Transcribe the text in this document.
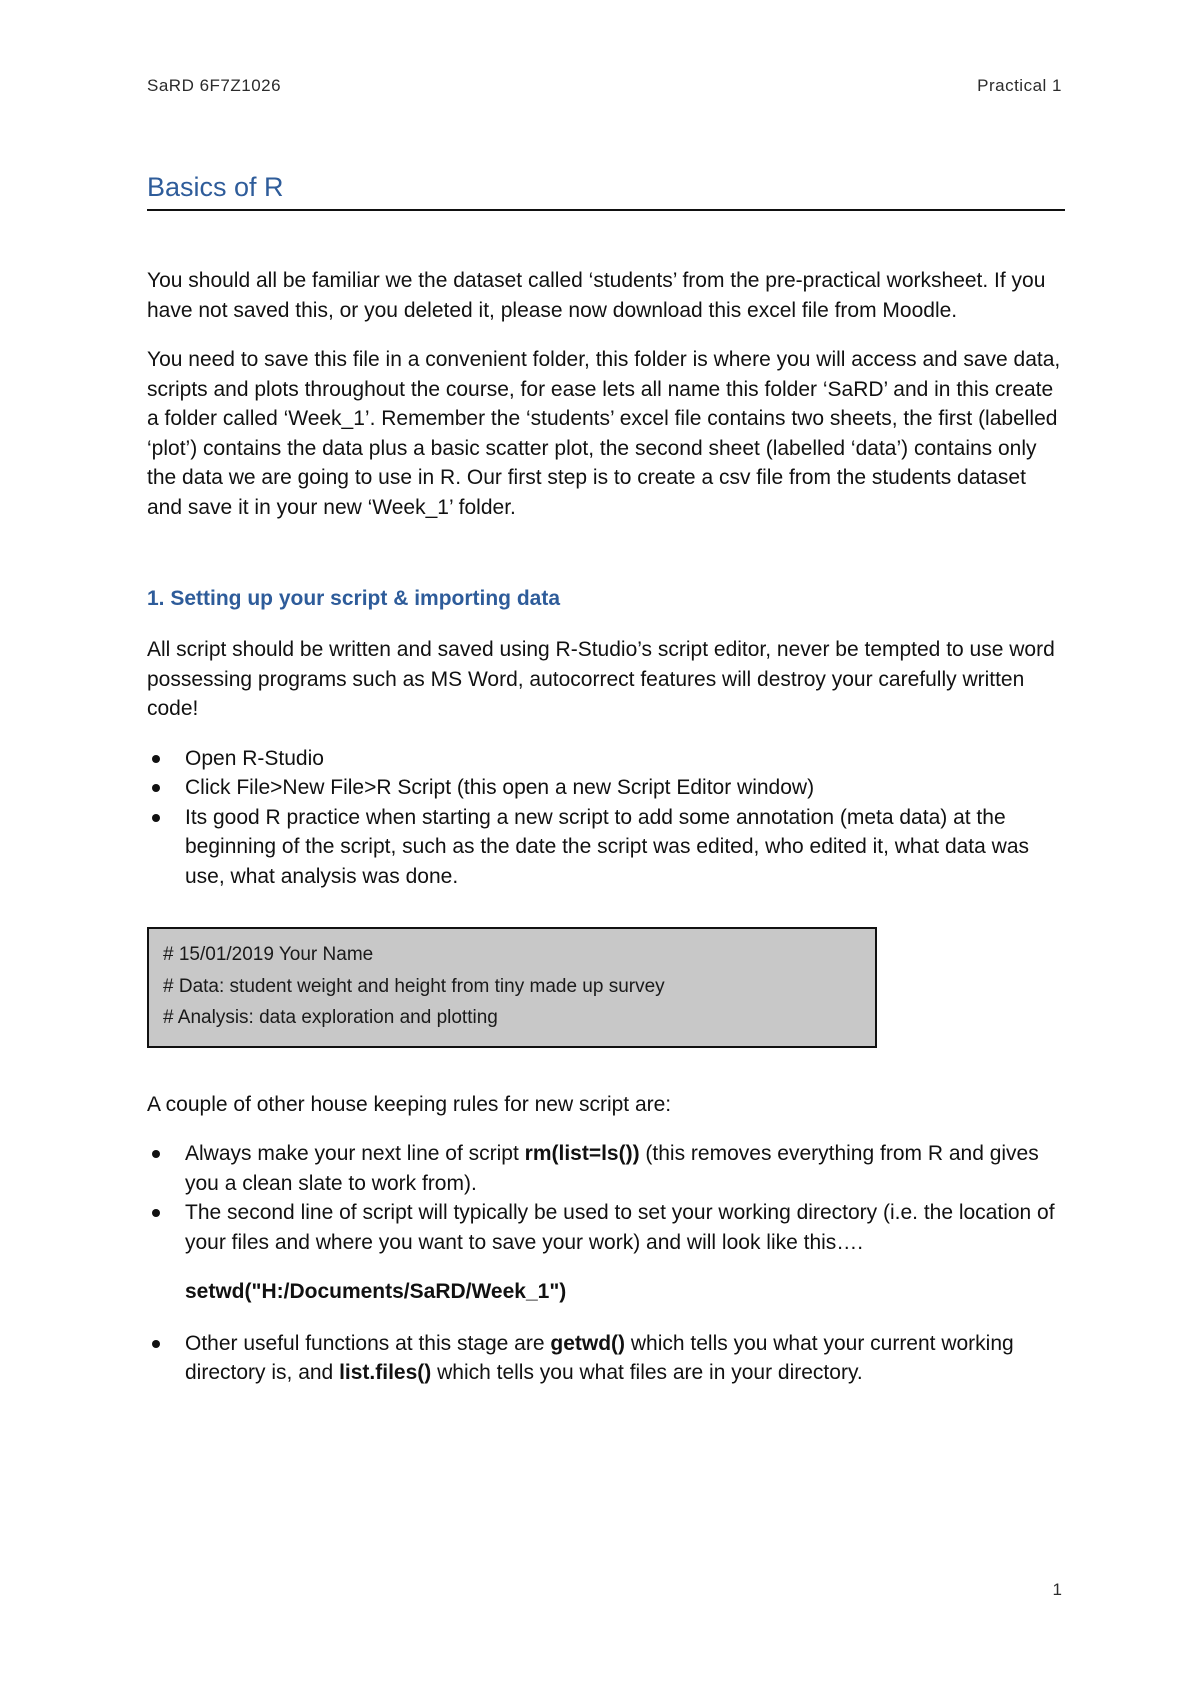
SaRD 6F7Z1026	Practical 1
Basics of R

You should all be familiar we the dataset called ‘students’ from the pre-practical worksheet. If you have not saved this, or you deleted it, please now download this excel file from Moodle.

You need to save this file in a convenient folder, this folder is where you will access and save data, scripts and plots throughout the course, for ease lets all name this folder ‘SaRD’ and in this create a folder called ‘Week_1’. Remember the ‘students’ excel file contains two sheets, the first (labelled ‘plot’) contains the data plus a basic scatter plot, the second sheet (labelled ‘data’) contains only the data we are going to use in R. Our first step is to create a csv file from the students dataset and save it in your new ‘Week_1’ folder.

1. Setting up your script & importing data

All script should be written and saved using R-Studio’s script editor, never be tempted to use word possessing programs such as MS Word, autocorrect features will destroy your carefully written code!

Open R-Studio
Click File>New File>R Script (this open a new Script Editor window)
Its good R practice when starting a new script to add some annotation (meta data) at the beginning of the script, such as the date the script was edited, who edited it, what data was use, what analysis was done.
# 15/01/2019 Your Name
# Data: student weight and height from tiny made up survey
# Analysis: data exploration and plotting

A couple of other house keeping rules for new script are:

Always make your next line of script rm(list=ls()) (this removes everything from R and gives you a clean slate to work from).
The second line of script will typically be used to set your working directory (i.e. the location of your files and where you want to save your work) and will look like this….
setwd("H:/Documents/SaRD/Week_1")
Other useful functions at this stage are getwd() which tells you what your current working directory is, and list.files() which tells you what files are in your directory.
1
